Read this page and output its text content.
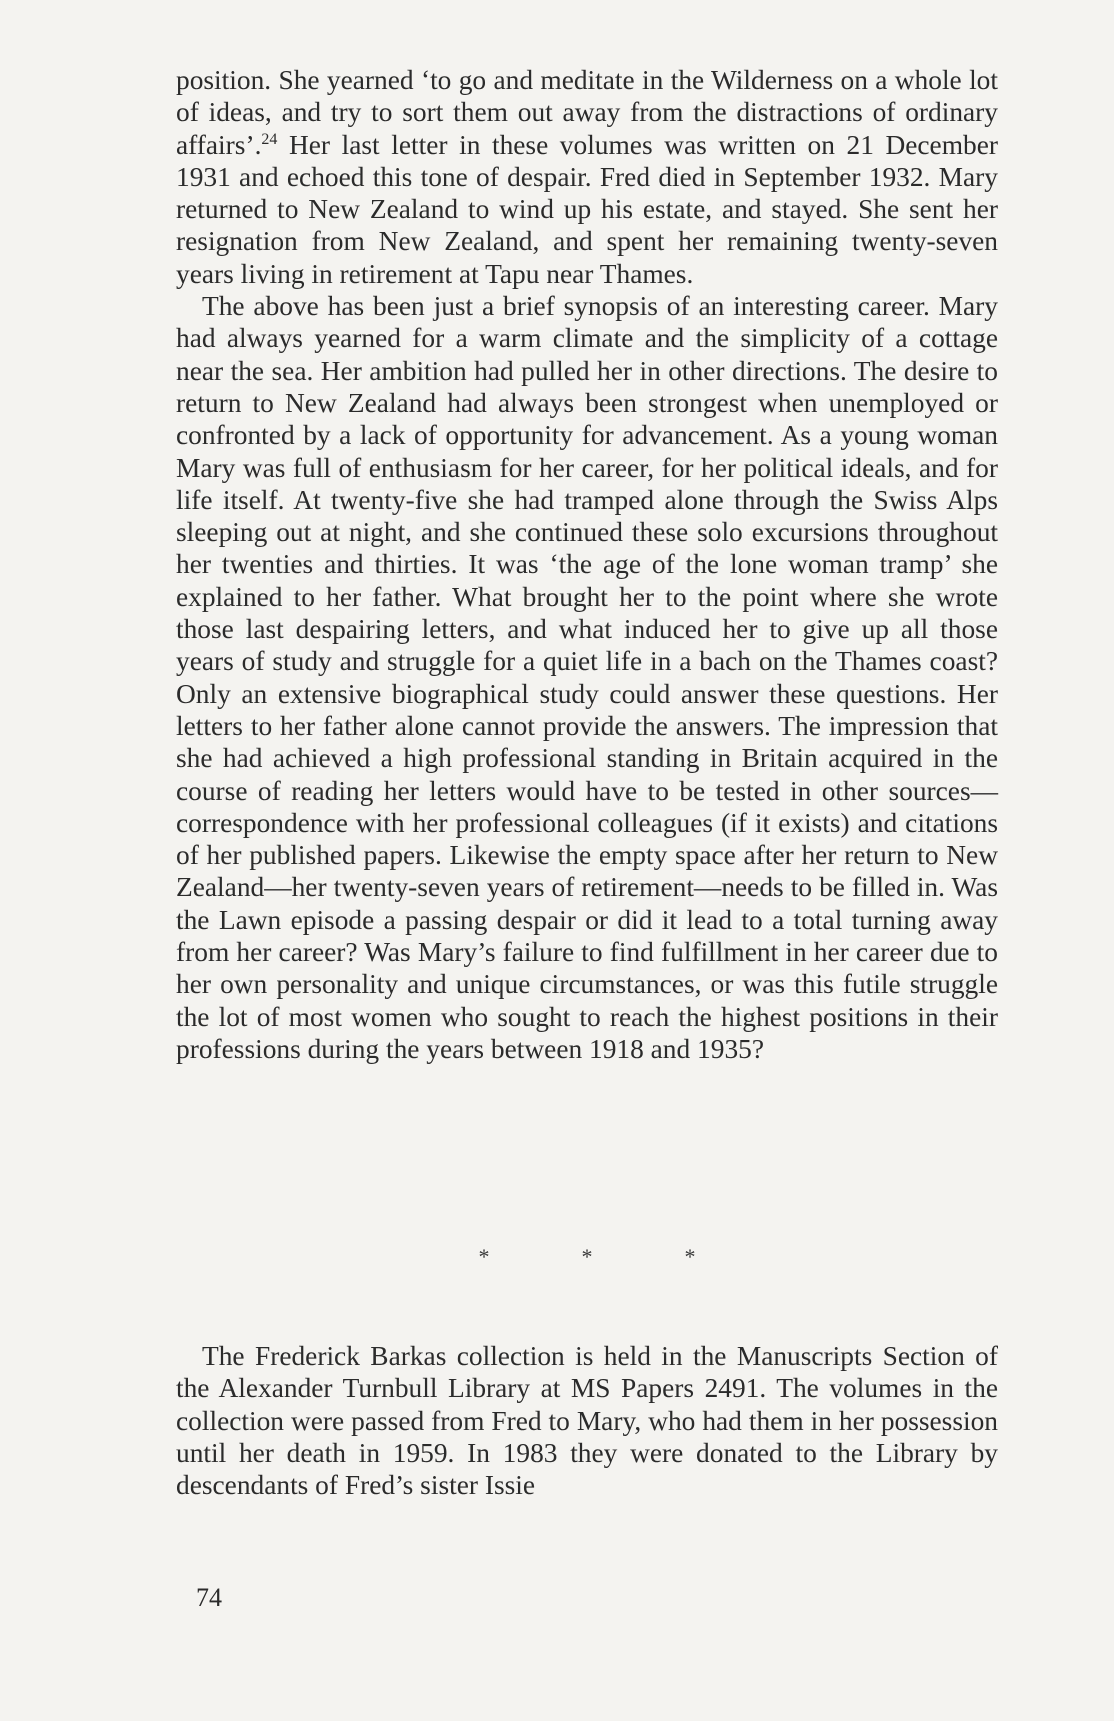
position. She yearned ‘to go and meditate in the Wilderness on a whole lot of ideas, and try to sort them out away from the distractions of ordinary affairs’.$^{24}$ Her last letter in these volumes was written on 21 December 1931 and echoed this tone of despair. Fred died in September 1932. Mary returned to New Zealand to wind up his estate, and stayed. She sent her resignation from New Zealand, and spent her remaining twenty-seven years living in retirement at Tapu near Thames.

The above has been just a brief synopsis of an interesting career. Mary had always yearned for a warm climate and the simplicity of a cottage near the sea. Her ambition had pulled her in other directions. The desire to return to New Zealand had always been strongest when unemployed or confronted by a lack of opportunity for advancement. As a young woman Mary was full of enthusiasm for her career, for her political ideals, and for life itself. At twenty-five she had tramped alone through the Swiss Alps sleeping out at night, and she continued these solo excursions throughout her twenties and thirties. It was ‘the age of the lone woman tramp’ she explained to her father. What brought her to the point where she wrote those last despairing letters, and what induced her to give up all those years of study and struggle for a quiet life in a bach on the Thames coast? Only an extensive biographical study could answer these questions. Her letters to her father alone cannot provide the answers. The impression that she had achieved a high professional standing in Britain acquired in the course of reading her letters would have to be tested in other sources—correspondence with her professional colleagues (if it exists) and citations of her published papers. Likewise the empty space after her return to New Zealand—her twenty-seven years of retirement—needs to be filled in. Was the Lawn episode a passing despair or did it lead to a total turning away from her career? Was Mary’s failure to find fulfillment in her career due to her own personality and unique circumstances, or was this futile struggle the lot of most women who sought to reach the highest positions in their professions during the years between 1918 and 1935?

*	*	*

The Frederick Barkas collection is held in the Manuscripts Section of the Alexander Turnbull Library at MS Papers 2491. The volumes in the collection were passed from Fred to Mary, who had them in her possession until her death in 1959. In 1983 they were donated to the Library by descendants of Fred’s sister Issie

74
